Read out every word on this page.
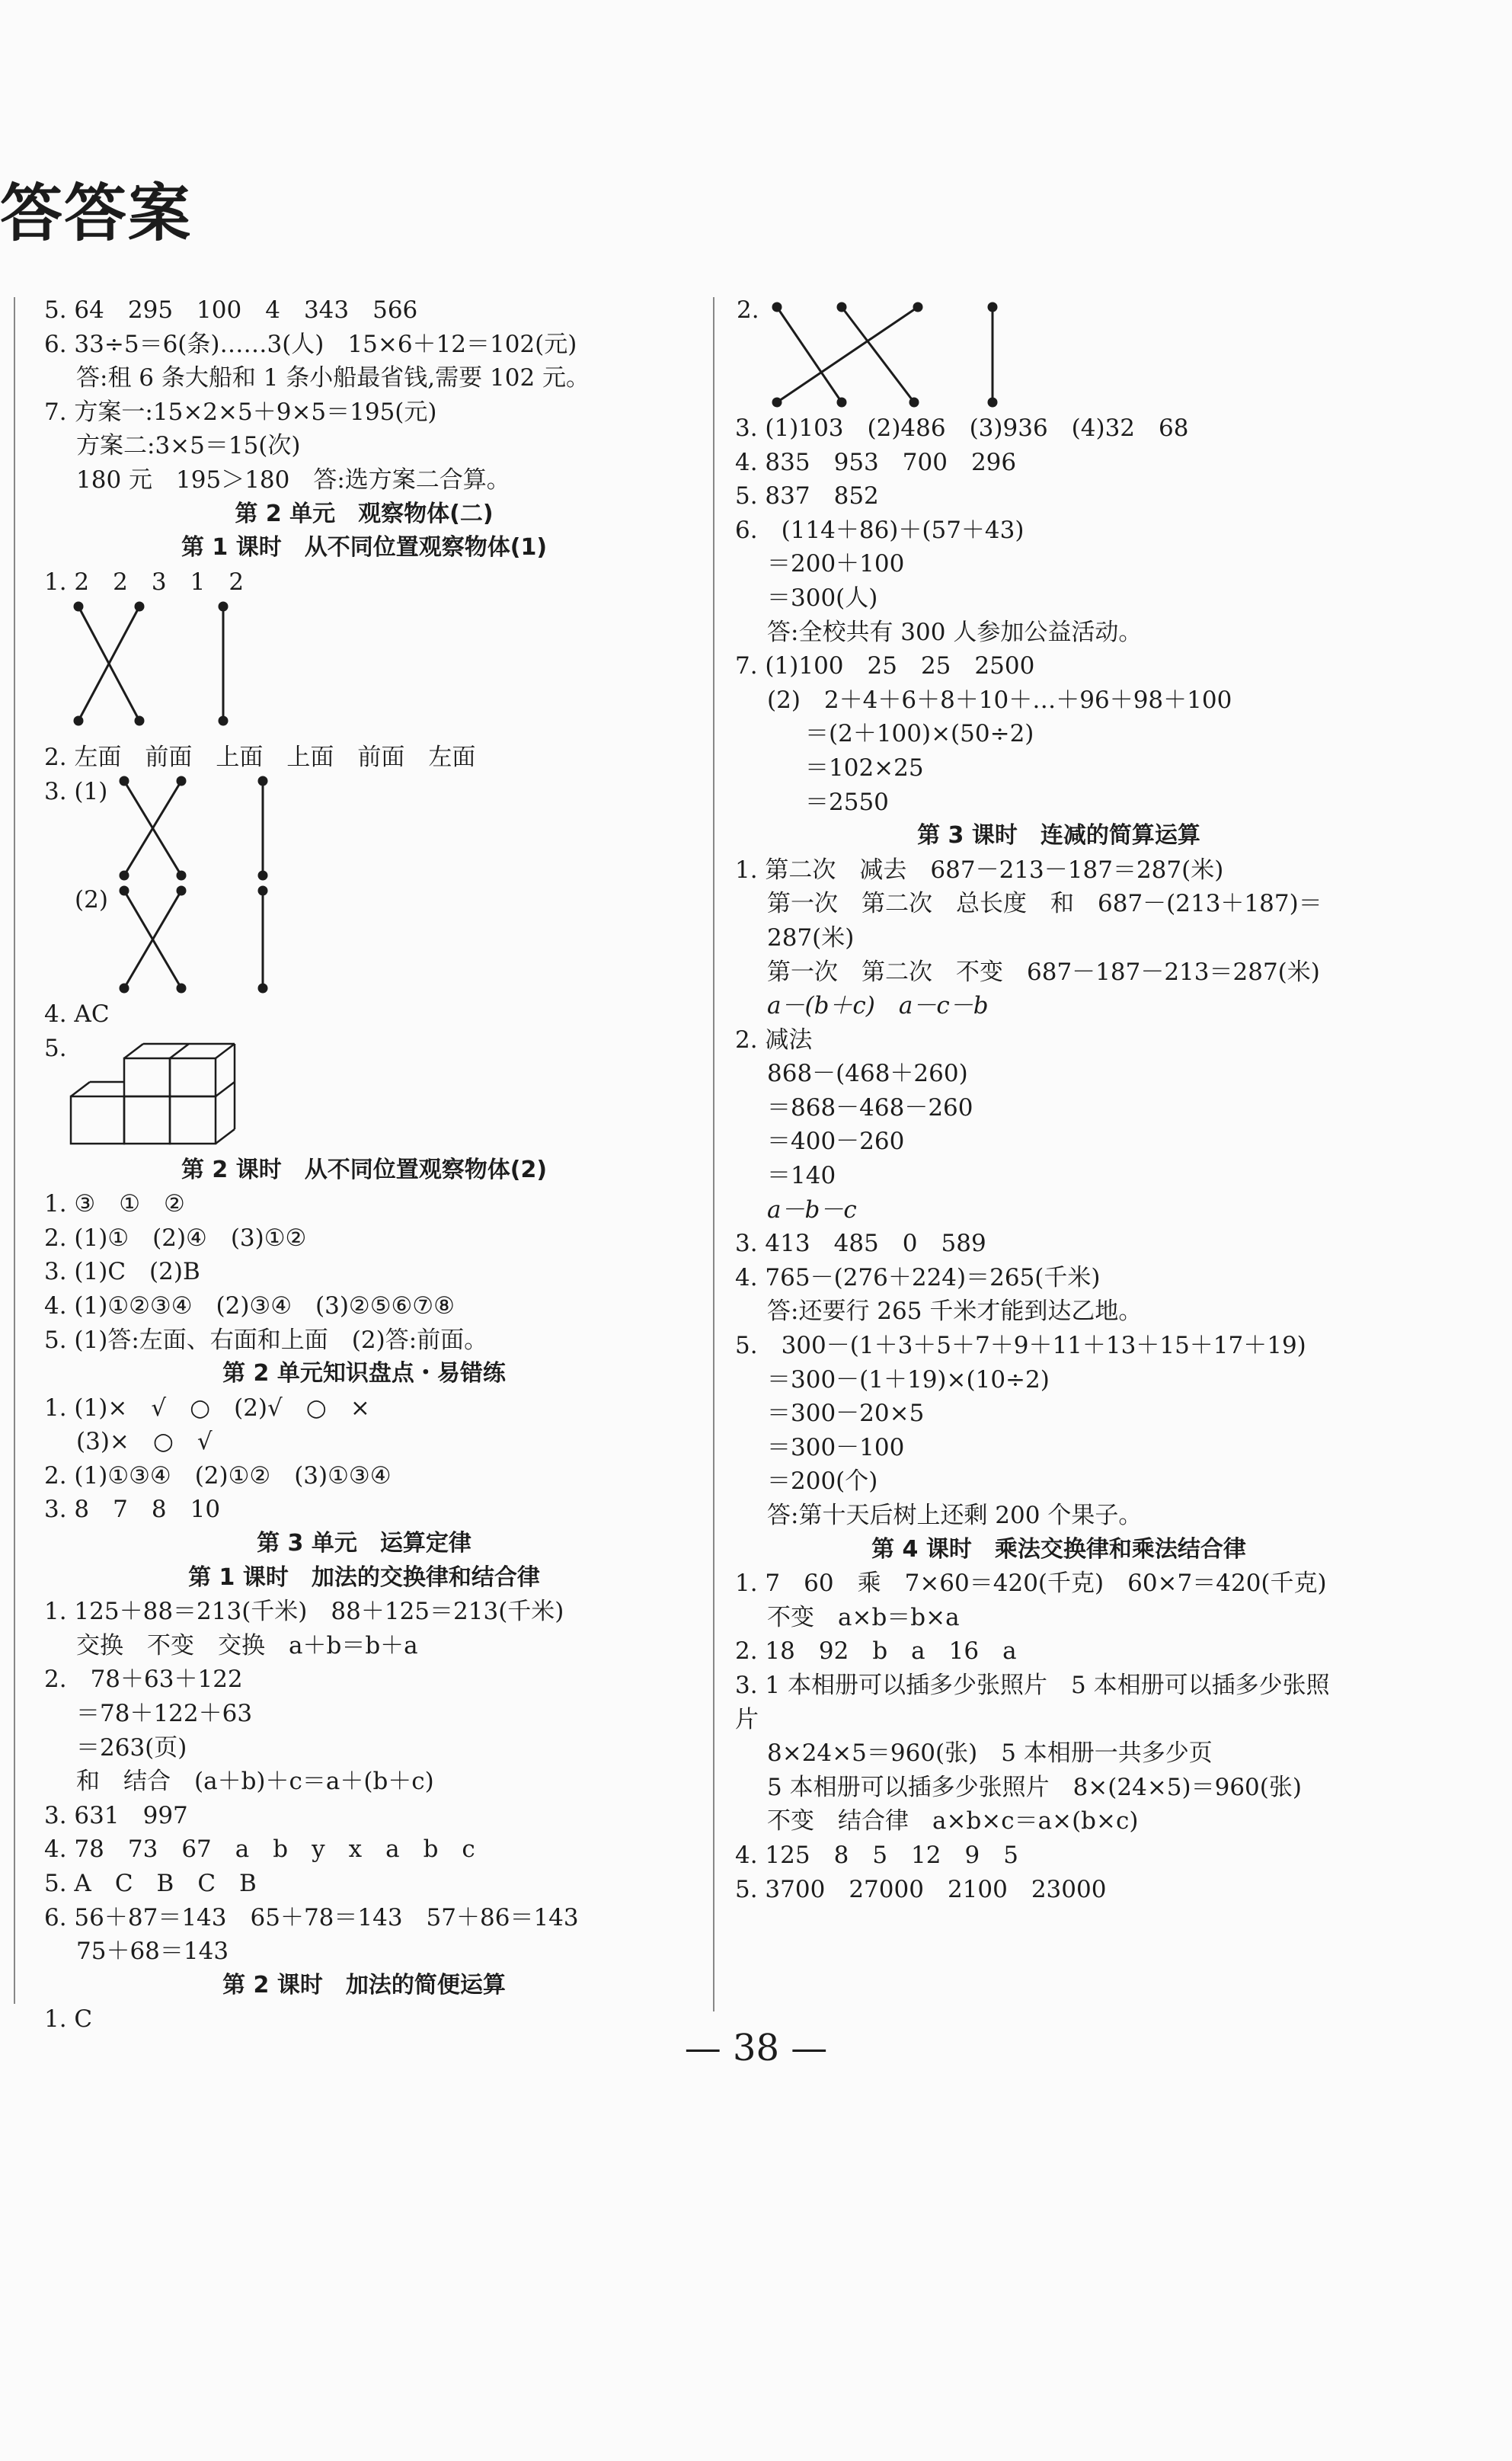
答答案
5. 64　295　100　4　343　566
6. 33÷5＝6(条)……3(人)　15×6＋12＝102(元)
答:租 6 条大船和 1 条小船最省钱,需要 102 元。
7. 方案一:15×2×5＋9×5＝195(元)
方案二:3×5＝15(次)
180 元　195＞180　答:选方案二合算。
第 2 单元　观察物体(二)
第 1 课时　从不同位置观察物体(1)
1. 2　2　3　1　2
2. 左面　前面　上面　上面　前面　左面
3. (1)
(2)
4. AC
5.
第 2 课时　从不同位置观察物体(2)
1. ③　①　②
2. (1)①　(2)④　(3)①②
3. (1)C　(2)B
4. (1)①②③④　(2)③④　(3)②⑤⑥⑦⑧
5. (1)答:左面、右面和上面　(2)答:前面。
第 2 单元知识盘点・易错练
1. (1)×　√　○　(2)√　○　×
(3)×　○　√
2. (1)①③④　(2)①②　(3)①③④
3. 8　7　8　10
第 3 单元　运算定律
第 1 课时　加法的交换律和结合律
1. 125＋88＝213(千米)　88＋125＝213(千米)
交换　不变　交换　a＋b＝b＋a
2.　78＋63＋122
＝78＋122＋63
＝263(页)
和　结合　(a＋b)＋c＝a＋(b＋c)
3. 631　997
4. 78　73　67　a　b　y　x　a　b　c
5. A　C　B　C　B
6. 56＋87＝143　65＋78＝143　57＋86＝143
75＋68＝143
第 2 课时　加法的简便运算
1. C
2.
3. (1)103　(2)486　(3)936　(4)32　68
4. 835　953　700　296
5. 837　852
6.　(114＋86)＋(57＋43)
＝200＋100
＝300(人)
答:全校共有 300 人参加公益活动。
7. (1)100　25　25　2500
(2)　2＋4＋6＋8＋10＋…＋96＋98＋100
＝(2＋100)×(50÷2)
＝102×25
＝2550
第 3 课时　连减的简算运算
1. 第二次　减去　687－213－187＝287(米)
第一次　第二次　总长度　和　687－(213＋187)＝287(米)
第一次　第二次　不变　687－187－213＝287(米)
a－(b＋c)　a－c－b
2. 减法
868－(468＋260)
＝868－468－260
＝400－260
＝140
a－b－c
3. 413　485　0　589
4. 765－(276＋224)＝265(千米)
答:还要行 265 千米才能到达乙地。
5.　300－(1＋3＋5＋7＋9＋11＋13＋15＋17＋19)
＝300－(1＋19)×(10÷2)
＝300－20×5
＝300－100
＝200(个)
答:第十天后树上还剩 200 个果子。
第 4 课时　乘法交换律和乘法结合律
1. 7　60　乘　7×60＝420(千克)　60×7＝420(千克)
不变　a×b＝b×a
2. 18　92　b　a　16　a
3. 1 本相册可以插多少张照片　5 本相册可以插多少张照片
8×24×5＝960(张)　5 本相册一共多少页
5 本相册可以插多少张照片　8×(24×5)＝960(张)
不变　结合律　a×b×c＝a×(b×c)
4. 125　8　5　12　9　5
5. 3700　27000　2100　23000
— 38 —
